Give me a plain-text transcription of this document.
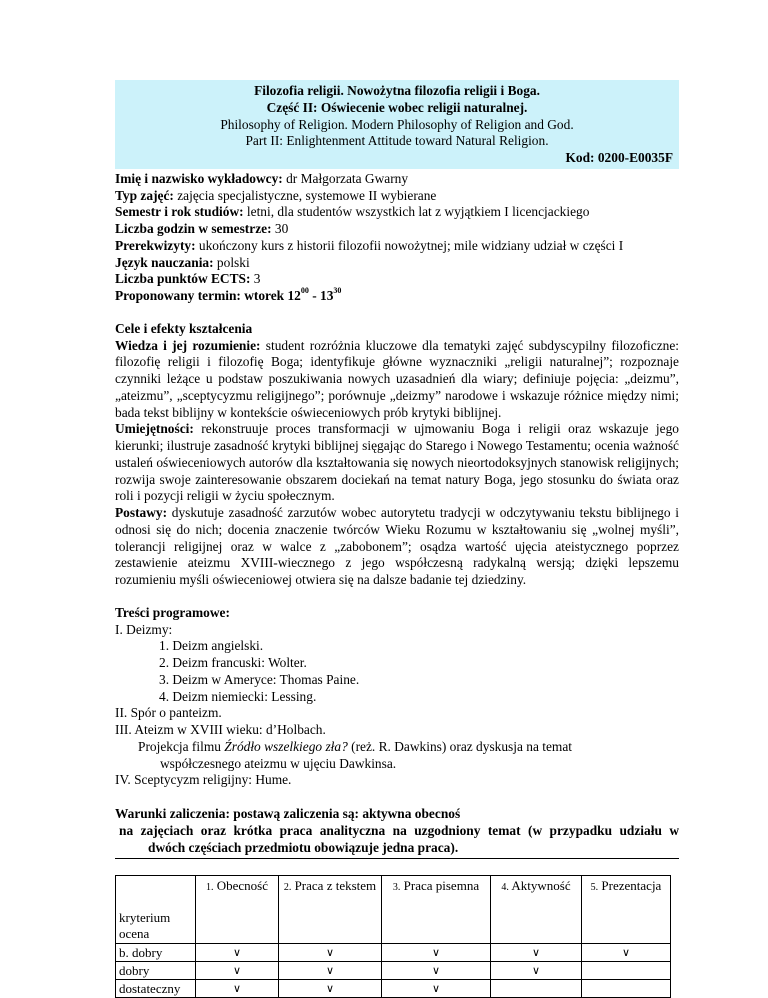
Filozofia religii. Nowożytna filozofia religii i Boga.
Część II: Oświecenie wobec religii naturalnej.
Philosophy of Religion. Modern Philosophy of Religion and God.
Part II: Enlightenment Attitude toward Natural Religion.
Kod: 0200-E0035F
Imię i nazwisko wykładowcy: dr Małgorzata Gwarny
Typ zajęć: zajęcia specjalistyczne, systemowe II wybierane
Semestr i rok studiów: letni, dla studentów wszystkich lat z wyjątkiem I licencjackiego
Liczba godzin w semestrze: 30
Prerekwizyty: ukończony kurs z historii filozofii nowożytnej; mile widziany udział w części I
Język nauczania: polski
Liczba punktów ECTS: 3
Proponowany termin: wtorek $12^{00} - 13^{30}$
Cele i efekty kształcenia

Wiedza i jej rozumienie: student rozróżnia kluczowe dla tematyki zajęć subdyscypilny filozoficzne: filozofię religii i filozofię Boga; identyfikuje główne wyznaczniki „religii naturalnej”; rozpoznaje czynniki leżące u podstaw poszukiwania nowych uzasadnień dla wiary; definiuje pojęcia: „deizmu”, „ateizmu”, „sceptycyzmu religijnego”; porównuje „deizmy” narodowe i wskazuje różnice między nimi; bada tekst biblijny w kontekście oświeceniowych prób krytyki biblijnej.

Umiejętności: rekonstruuje proces transformacji w ujmowaniu Boga i religii oraz wskazuje jego kierunki; ilustruje zasadność krytyki biblijnej sięgając do Starego i Nowego Testamentu; ocenia ważność ustaleń oświeceniowych autorów dla kształtowania się nowych nieortodoksyjnych stanowisk religijnych; rozwija swoje zainteresowanie obszarem dociekań na temat natury Boga, jego stosunku do świata oraz roli i pozycji religii w życiu społecznym.

Postawy: dyskutuje zasadność zarzutów wobec autorytetu tradycji w odczytywaniu tekstu biblijnego i odnosi się do nich; docenia znaczenie twórców Wieku Rozumu w kształtowaniu się „wolnej myśli”, tolerancji religijnej oraz w walce z „zabobonem”; osądza wartość ujęcia ateistycznego poprzez zestawienie ateizmu XVIII-wiecznego z jego współczesną radykalną wersją; dzięki lepszemu rozumieniu myśli oświeceniowej otwiera się na dalsze badanie tej dziedziny.

Treści programowe:
I. Deizmy:
1. Deizm angielski.
2. Deizm francuski: Wolter.
3. Deizm w Ameryce: Thomas Paine.
4. Deizm niemiecki: Lessing.
II. Spór o panteizm.
III. Ateizm w XVIII wieku: d’Holbach.
Projekcja filmu Źródło wszelkiego zła? (reż. R. Dawkins) oraz dyskusja na temat
współczesnego ateizmu w ujęciu Dawkinsa.
IV. Sceptycyzm religijny: Hume.
Warunki zaliczenia: postawą zaliczenia są: aktywna obecnoś
na zajęciach oraz krótka praca analityczna na uzgodniony temat (w przypadku udziału w
dwóch częściach przedmiotu obowiązuje jedna praca).
kryterium
ocena	1. Obecność	2. Praca z tekstem	3. Praca pisemna	4. Aktywność	5. Prezentacja
b. dobry	∨	∨	∨	∨	∨
dobry	∨	∨	∨	∨	
dostateczny	∨	∨	∨		
